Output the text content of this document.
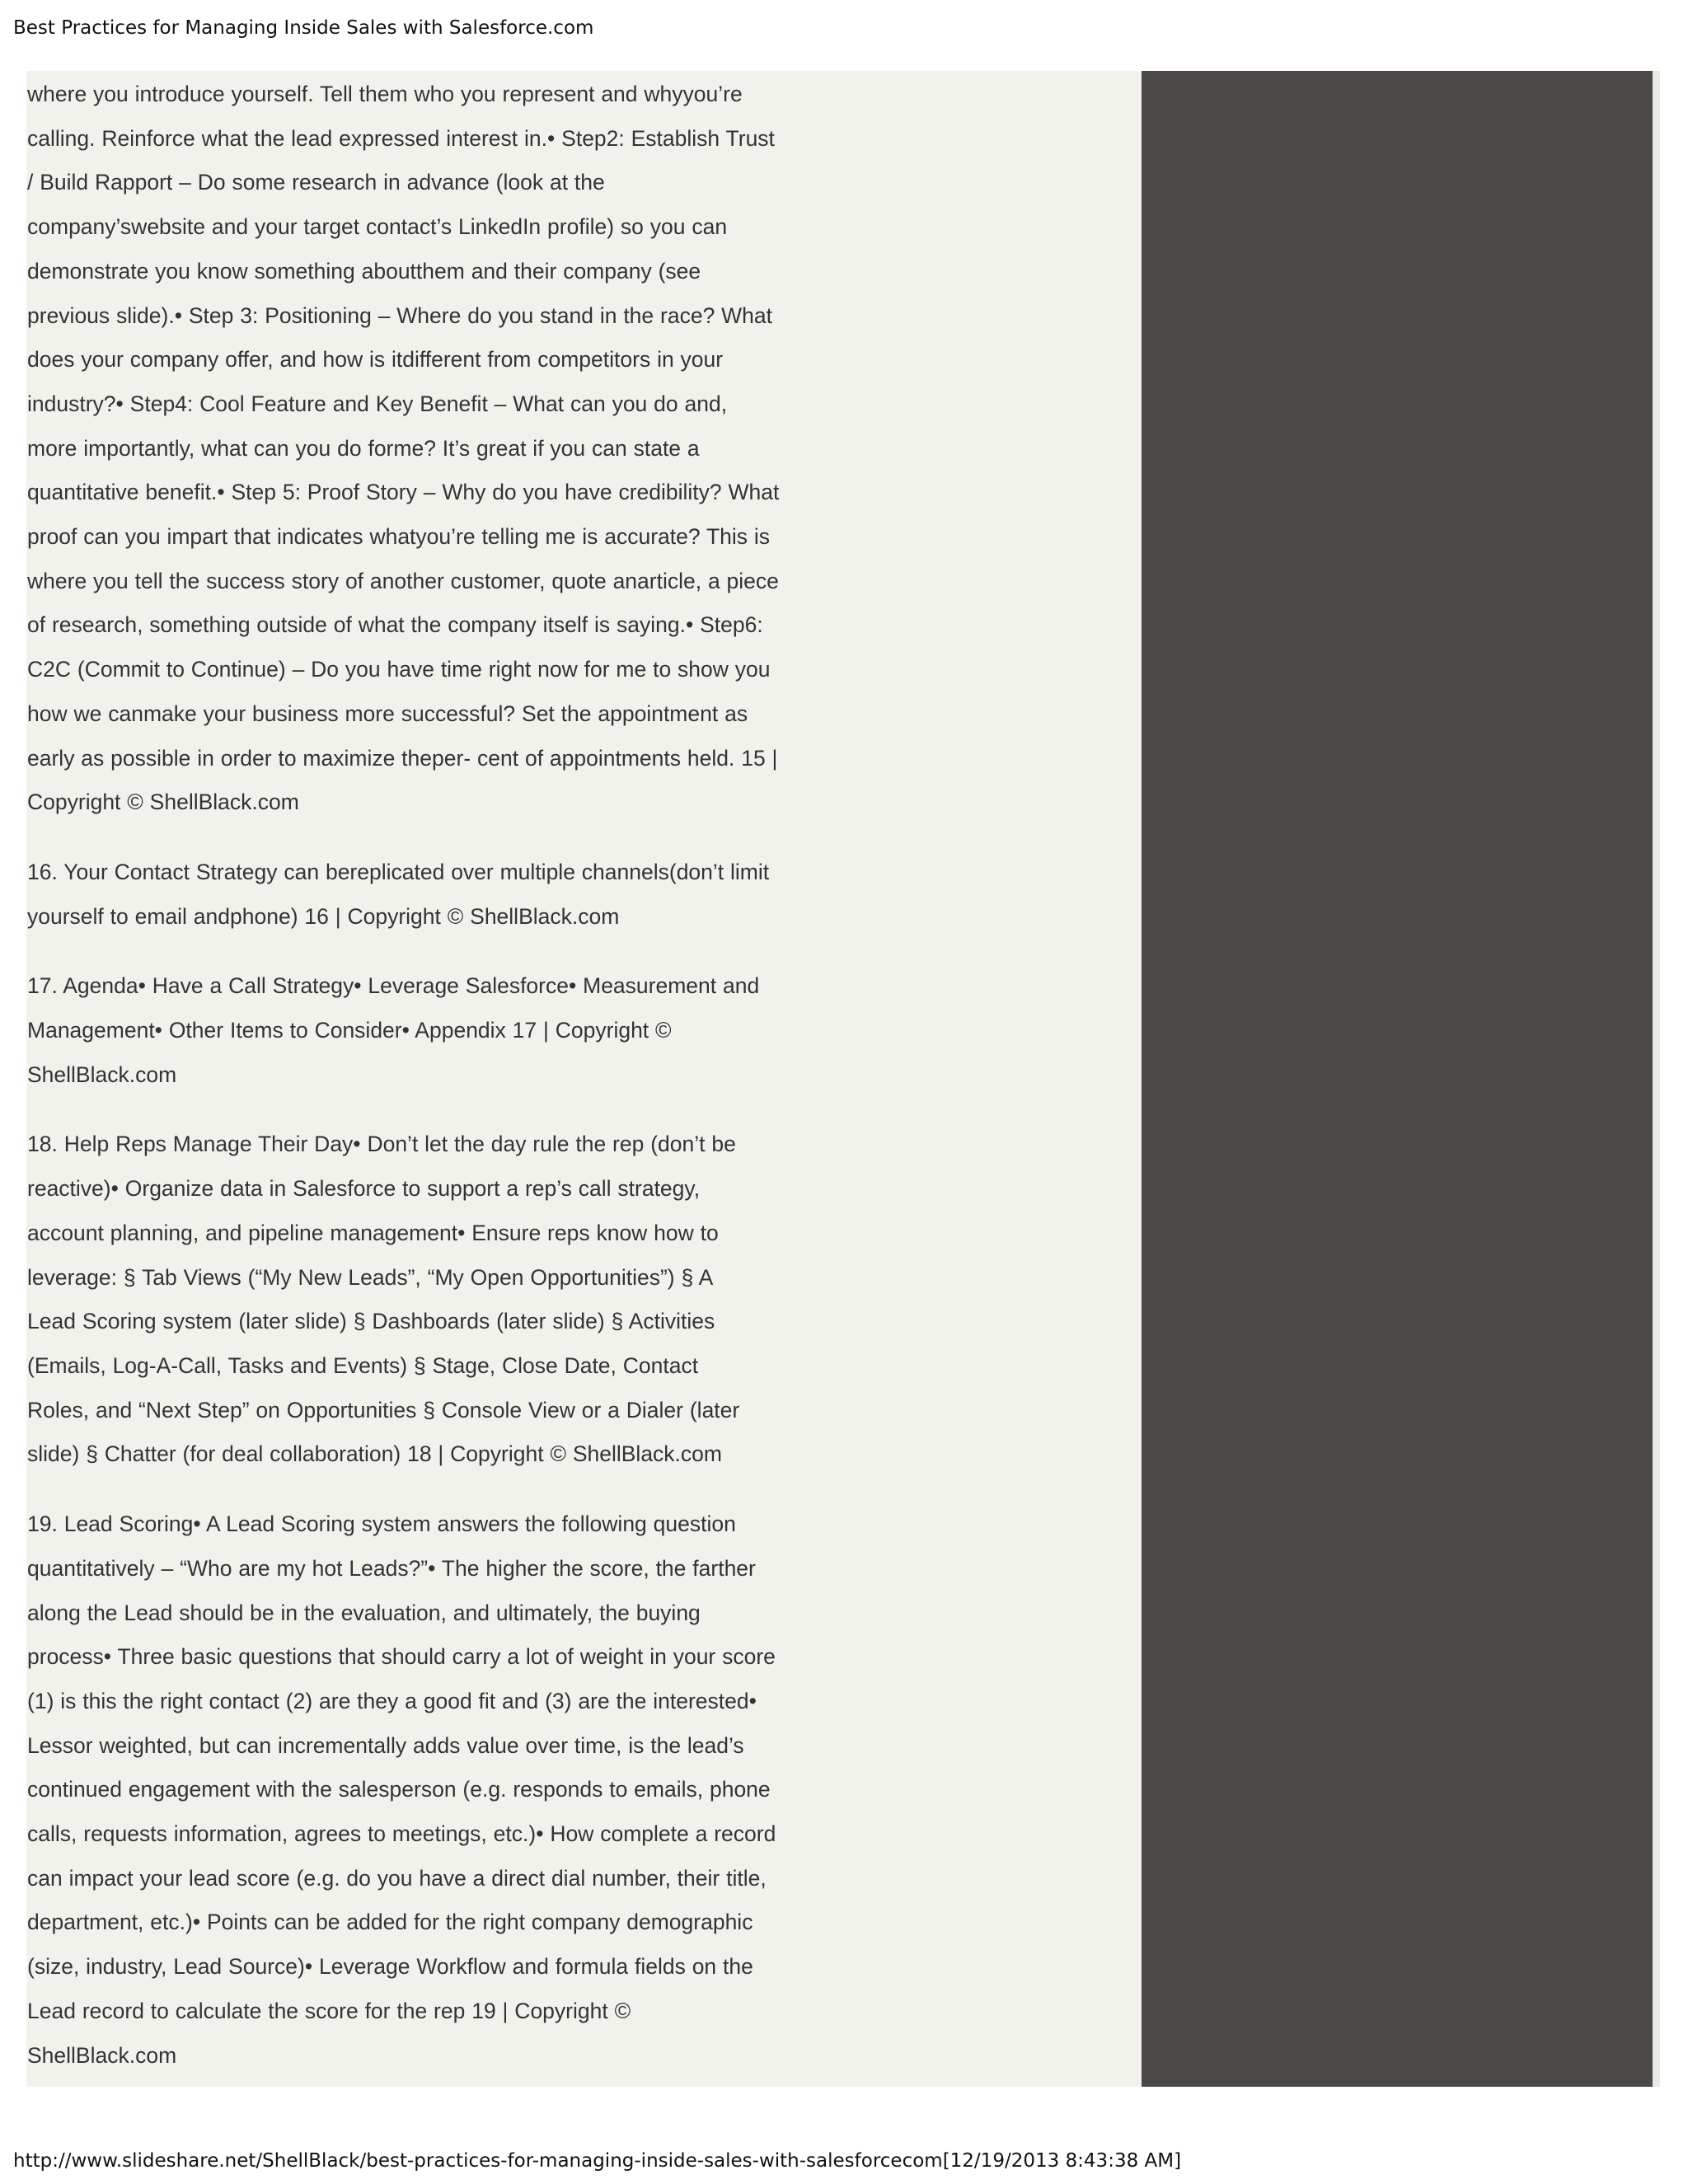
Best Practices for Managing Inside Sales with Salesforce.com
where you introduce yourself. Tell them who you represent and whyyou’re
calling. Reinforce what the lead expressed interest in.• Step2: Establish Trust
/ Build Rapport – Do some research in advance (look at the
company’swebsite and your target contact’s LinkedIn profile) so you can
demonstrate you know something aboutthem and their company (see
previous slide).• Step 3: Positioning – Where do you stand in the race? What
does your company offer, and how is itdifferent from competitors in your
industry?• Step4: Cool Feature and Key Benefit – What can you do and,
more importantly, what can you do forme? It’s great if you can state a
quantitative benefit.• Step 5: Proof Story – Why do you have credibility? What
proof can you impart that indicates whatyou’re telling me is accurate? This is
where you tell the success story of another customer, quote anarticle, a piece
of research, something outside of what the company itself is saying.• Step6:
C2C (Commit to Continue) – Do you have time right now for me to show you
how we canmake your business more successful? Set the appointment as
early as possible in order to maximize theper- cent of appointments held. 15 |
Copyright © ShellBlack.com
16. Your Contact Strategy can bereplicated over multiple channels(don’t limit
yourself to email andphone) 16 | Copyright © ShellBlack.com
17. Agenda• Have a Call Strategy• Leverage Salesforce• Measurement and
Management• Other Items to Consider• Appendix 17 | Copyright ©
ShellBlack.com
18. Help Reps Manage Their Day• Don’t let the day rule the rep (don’t be
reactive)• Organize data in Salesforce to support a rep’s call strategy,
account planning, and pipeline management• Ensure reps know how to
leverage: § Tab Views (“My New Leads”, “My Open Opportunities”) § A
Lead Scoring system (later slide) § Dashboards (later slide) § Activities
(Emails, Log-A-Call, Tasks and Events) § Stage, Close Date, Contact
Roles, and “Next Step” on Opportunities § Console View or a Dialer (later
slide) § Chatter (for deal collaboration) 18 | Copyright © ShellBlack.com
19. Lead Scoring• A Lead Scoring system answers the following question
quantitatively – “Who are my hot Leads?”• The higher the score, the farther
along the Lead should be in the evaluation, and ultimately, the buying
process• Three basic questions that should carry a lot of weight in your score
(1) is this the right contact (2) are they a good fit and (3) are the interested•
Lessor weighted, but can incrementally adds value over time, is the lead’s
continued engagement with the salesperson (e.g. responds to emails, phone
calls, requests information, agrees to meetings, etc.)• How complete a record
can impact your lead score (e.g. do you have a direct dial number, their title,
department, etc.)• Points can be added for the right company demographic
(size, industry, Lead Source)• Leverage Workflow and formula fields on the
Lead record to calculate the score for the rep 19 | Copyright ©
ShellBlack.com
http://www.slideshare.net/ShellBlack/best-practices-for-managing-inside-sales-with-salesforcecom[12/19/2013 8:43:38 AM]
